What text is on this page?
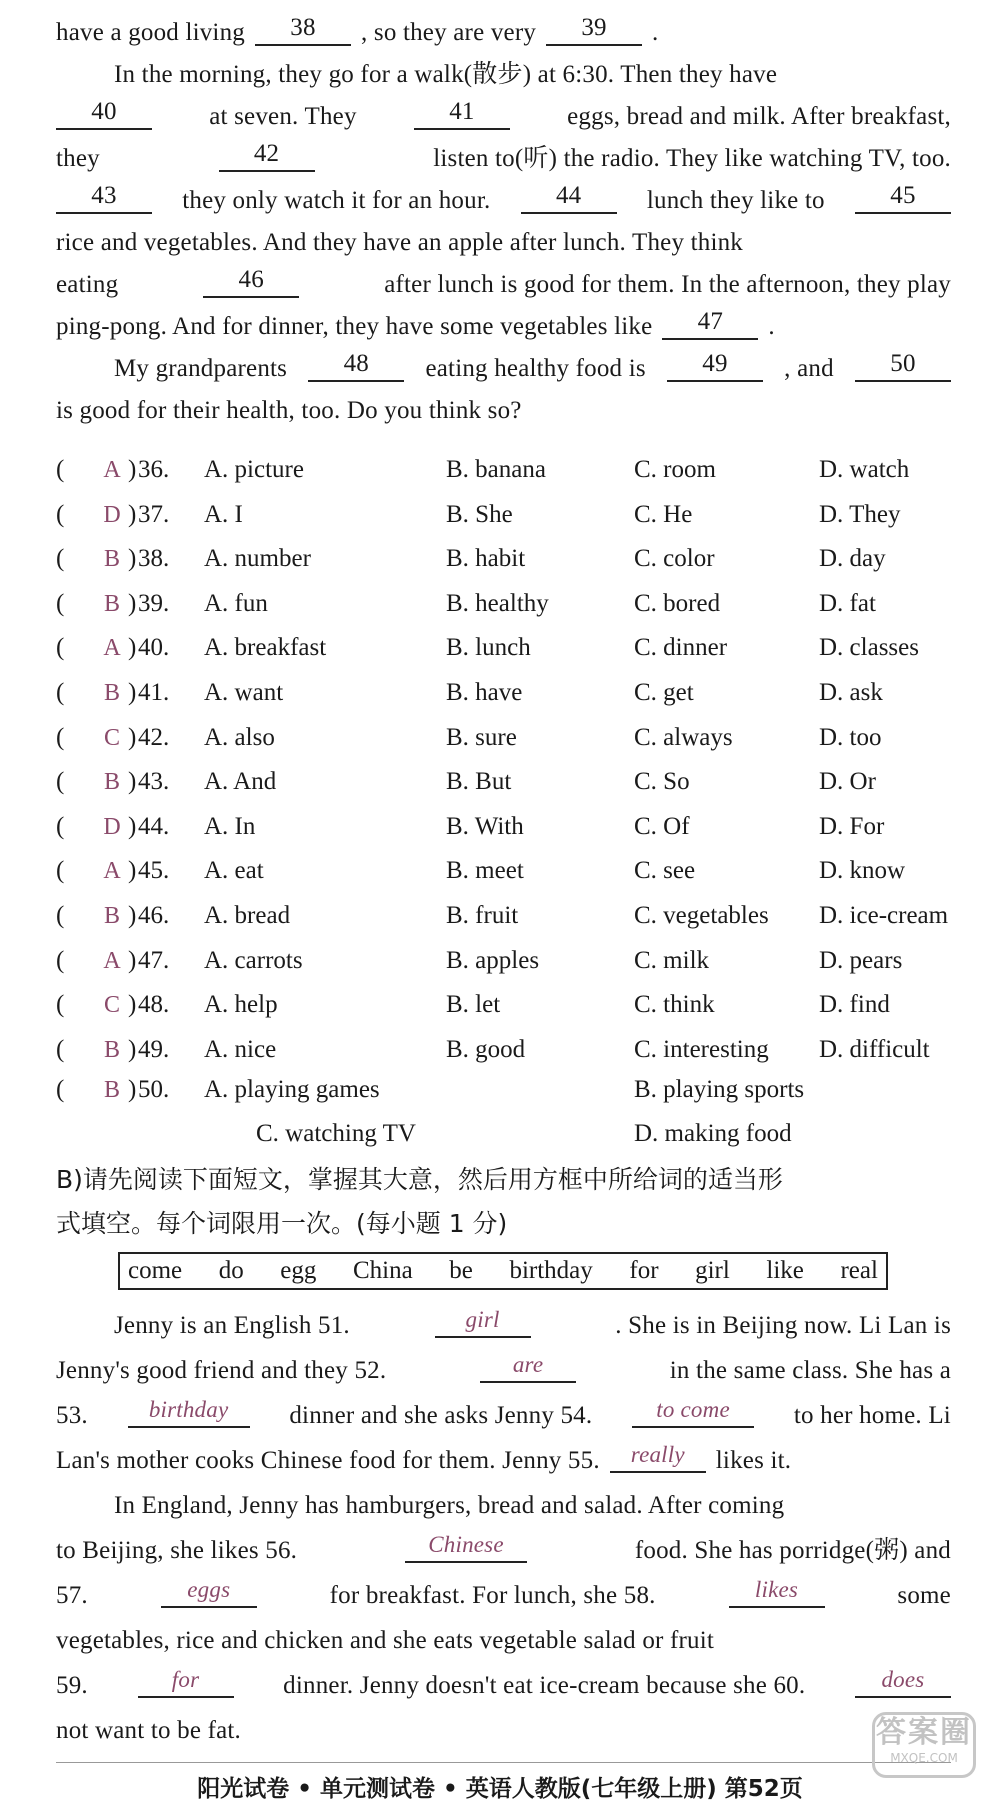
have a good living	38	, so they are very	39	.
In the morning, they go for a walk(散步) at 6:30. Then they have
40	at seven. They	41	eggs, bread and milk. After breakfast,
they	42	listen to(听) the radio. They like watching TV, too.
43	they only watch it for an hour.	44	lunch they like to	45
rice and vegetables. And they have an apple after lunch. They think
eating	46	after lunch is good for them. In the afternoon, they play
ping-pong. And for dinner, they have some vegetables like	47	.
My grandparents	48	eating healthy food is	49	, and	50
is good for their health, too. Do you think so?
(	A ) 36. A. picture	B. banana	C. room	D. watch
(	D ) 37. A. I	B. She	C. He	D. They
(	B ) 38. A. number	B. habit	C. color	D. day
(	B ) 39. A. fun	B. healthy	C. bored	D. fat
(	A ) 40. A. breakfast	B. lunch	C. dinner	D. classes
(	B ) 41. A. want	B. have	C. get	D. ask
(	C ) 42. A. also	B. sure	C. always	D. too
(	B ) 43. A. And	B. But	C. So	D. Or
(	D ) 44. A. In	B. With	C. Of	D. For
(	A ) 45. A. eat	B. meet	C. see	D. know
(	B ) 46. A. bread	B. fruit	C. vegetables D. ice-cream
(	A ) 47. A. carrots	B. apples	C. milk	D. pears
(	C ) 48. A. help	B. let	C. think	D. find
(	B ) 49. A. nice	B. good	C. interesting D. difficult
(	B ) 50. A. playing games	B. playing sports
C. watching TV	D. making food
B)请先阅读下面短文，掌握其大意，然后用方框中所给词的适当形
式填空。每个词限用一次。(每小题 1 分)
come do egg China be birthday for girl like real
Jenny is an English 51.	girl	. She is in Beijing now. Li Lan is
Jenny's good friend and they 52.	are	in the same class. She has a
53.	birthday	dinner and she asks Jenny 54.	to come	to her home. Li
Lan's mother cooks Chinese food for them. Jenny 55.	really	likes it.
In England, Jenny has hamburgers, bread and salad. After coming
to Beijing, she likes 56.	Chinese	food. She has porridge(粥) and
57.	eggs	for breakfast. For lunch, she 58.	likes	some
vegetables, rice and chicken and she eats vegetable salad or fruit
59.	for	dinner. Jenny doesn't eat ice-cream because she 60.	does
not want to be fat.
阳光试卷 • 单元测试卷 • 英语人教版(七年级上册) 第52页
答案圈
MXQE.COM
